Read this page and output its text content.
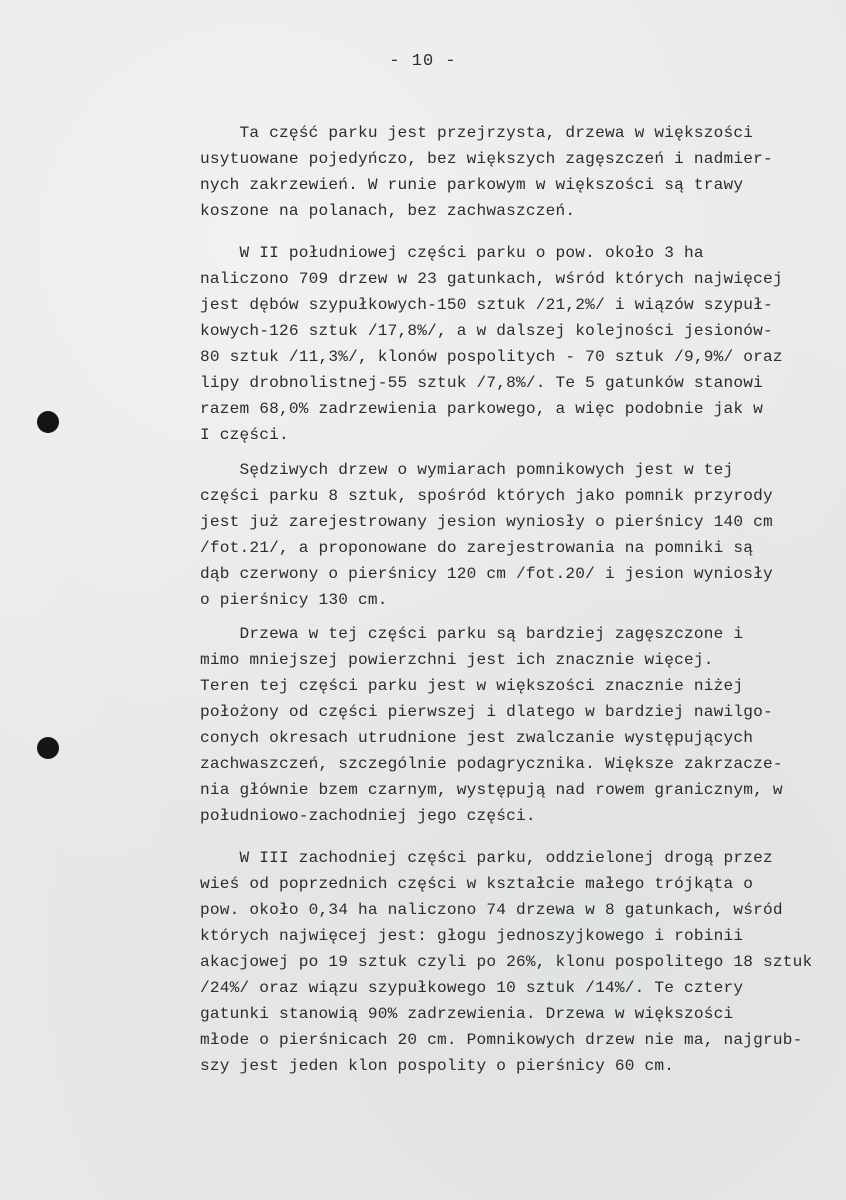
- 10 -
Ta część parku jest przejrzysta, drzewa w większości
usytuowane pojedyńczo, bez większych zagęszczeń i nadmier-
nych zakrzewień. W runie parkowym w większości są trawy
koszone na polanach, bez zachwaszczeń.
W II południowej części parku o pow. około 3 ha
naliczono 709 drzew w 23 gatunkach, wśród których najwięcej
jest dębów szypułkowych-150 sztuk /21,2%/ i wiązów szypuł-
kowych-126 sztuk /17,8%/, a w dalszej kolejności jesionów-
80 sztuk /11,3%/, klonów pospolitych - 70 sztuk /9,9%/ oraz
lipy drobnolistnej-55 sztuk /7,8%/. Te 5 gatunków stanowi
razem 68,0% zadrzewienia parkowego, a więc podobnie jak w
I części.
Sędziwych drzew o wymiarach pomnikowych jest w tej
części parku 8 sztuk, spośród których jako pomnik przyrody
jest już zarejestrowany jesion wyniosły o pierśnicy 140 cm
/fot.21/, a proponowane do zarejestrowania na pomniki są
dąb czerwony o pierśnicy 120 cm /fot.20/ i jesion wyniosły
o pierśnicy 130 cm.
Drzewa w tej części parku są bardziej zagęszczone i
mimo mniejszej powierzchni jest ich znacznie więcej.
Teren tej części parku jest w większości znacznie niżej
położony od części pierwszej i dlatego w bardziej nawilgo-
conych okresach utrudnione jest zwalczanie występujących
zachwaszczeń, szczególnie podagrycznika. Większe zakrzacze-
nia głównie bzem czarnym, występują nad rowem granicznym, w
południowo-zachodniej jego części.
W III zachodniej części parku, oddzielonej drogą przez
wieś od poprzednich części w kształcie małego trójkąta o
pow. około 0,34 ha naliczono 74 drzewa w 8 gatunkach, wśród
których najwięcej jest: głogu jednoszyjkowego i robinii
akacjowej po 19 sztuk czyli po 26%, klonu pospolitego 18 sztuk
/24%/ oraz wiązu szypułkowego 10 sztuk /14%/. Te cztery
gatunki stanowią 90% zadrzewienia. Drzewa w większości
młode o pierśnicach 20 cm. Pomnikowych drzew nie ma, najgrub-
szy jest jeden klon pospolity o pierśnicy 60 cm.
